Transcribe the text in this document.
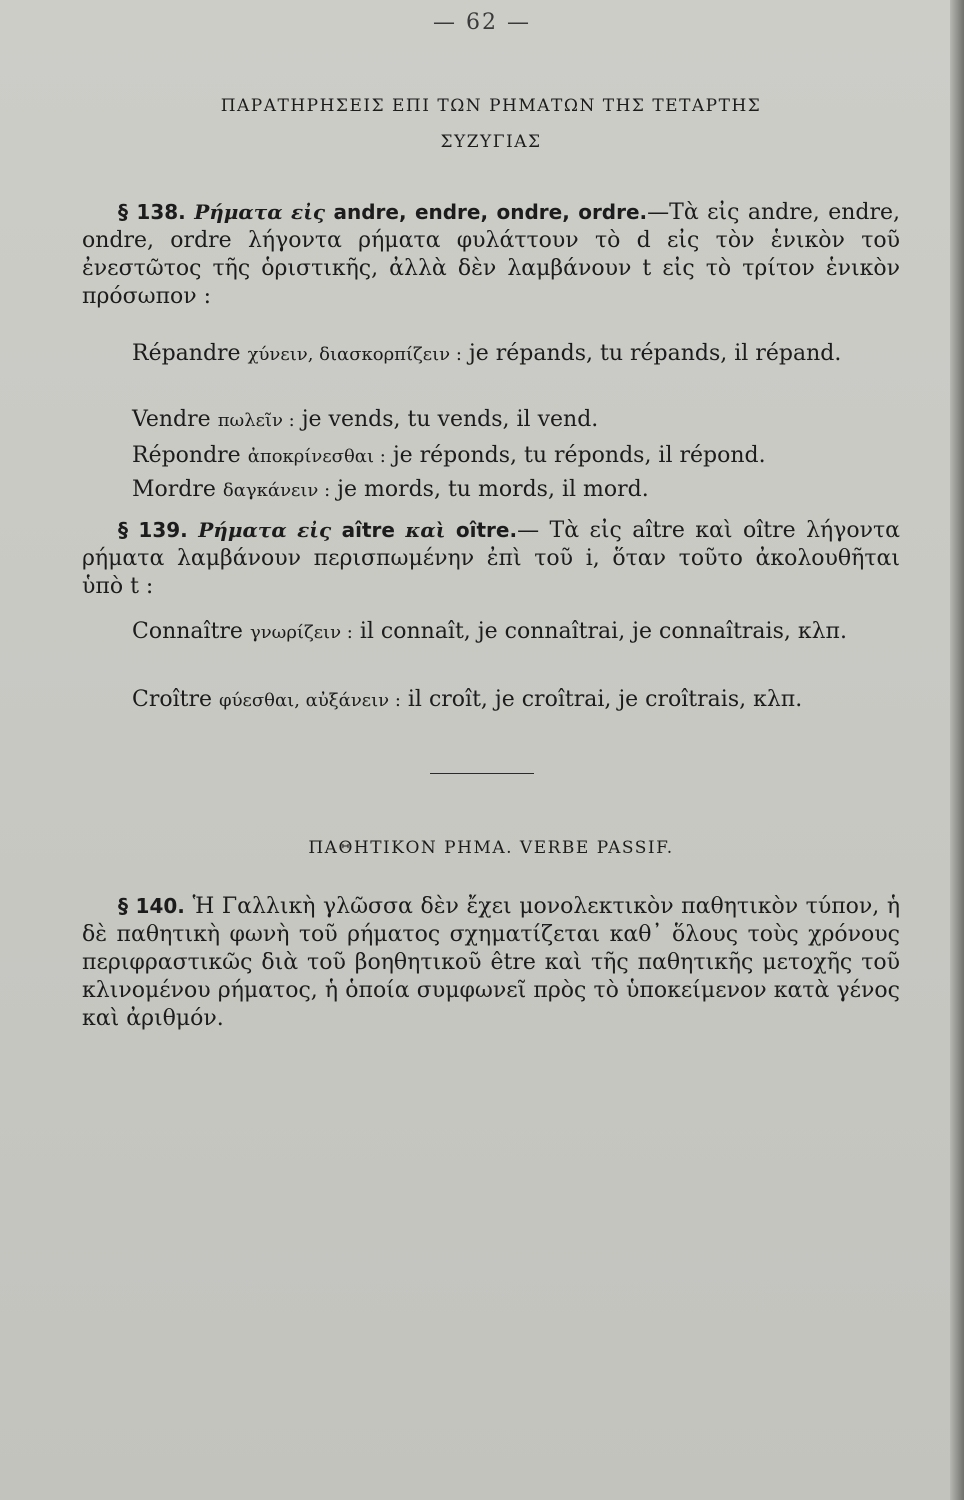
— 62 —
ΠΑΡΑΤΗΡΗΣΕΙΣ ΕΠΙ ΤΩΝ ΡΗΜΑΤΩΝ ΤΗΣ ΤΕΤΑΡΤΗΣ
ΣΥΖΥΓΙΑΣ
§ 138. Ρήματα εἰς andre, endre, ondre, ordre.—Τὰ εἰς andre, endre, ondre, ordre λήγοντα ρήματα φυλάττουν τὸ d εἰς τὸν ἑνικὸν τοῦ ἐνεστῶτος τῆς ὁριστικῆς, ἀλλὰ δὲν λαμβάνουν t εἰς τὸ τρίτον ἑνικὸν πρόσωπον :
Répandre χύνειν, διασκορπίζειν : je répands, tu répands, il répand.
Vendre πωλεῖν : je vends, tu vends, il vend.
Répondre ἀποκρίνεσθαι : je réponds, tu réponds, il répond.
Mordre δαγκάνειν : je mords, tu mords, il mord.
§ 139. Ρήματα εἰς aître καὶ oître.— Τὰ εἰς aître καὶ oître λήγοντα ρήματα λαμβάνουν περισπωμένην ἐπὶ τοῦ i, ὅταν τοῦτο ἀκολουθῆται ὑπὸ t :
Connaître γνωρίζειν : il connaît, je connaîtrai, je connaîtrais, κλπ.
Croître φύεσθαι, αὐξάνειν : il croît, je croîtrai, je croîtrais, κλπ.
ΠΑΘΗΤΙΚΟΝ ΡΗΜΑ. VERBE PASSIF.
§ 140. Ἡ Γαλλικὴ γλῶσσα δὲν ἔχει μονολεκτικὸν παθητικὸν τύπον, ἡ δὲ παθητικὴ φωνὴ τοῦ ρήματος σχηματίζεται καθ᾽ ὅλους τοὺς χρόνους περιφραστικῶς διὰ τοῦ βοηθητικοῦ être καὶ τῆς παθητικῆς μετοχῆς τοῦ κλινομένου ρήματος, ἡ ὁποία συμφωνεῖ πρὸς τὸ ὑποκείμενον κατὰ γένος καὶ ἀριθμόν.
